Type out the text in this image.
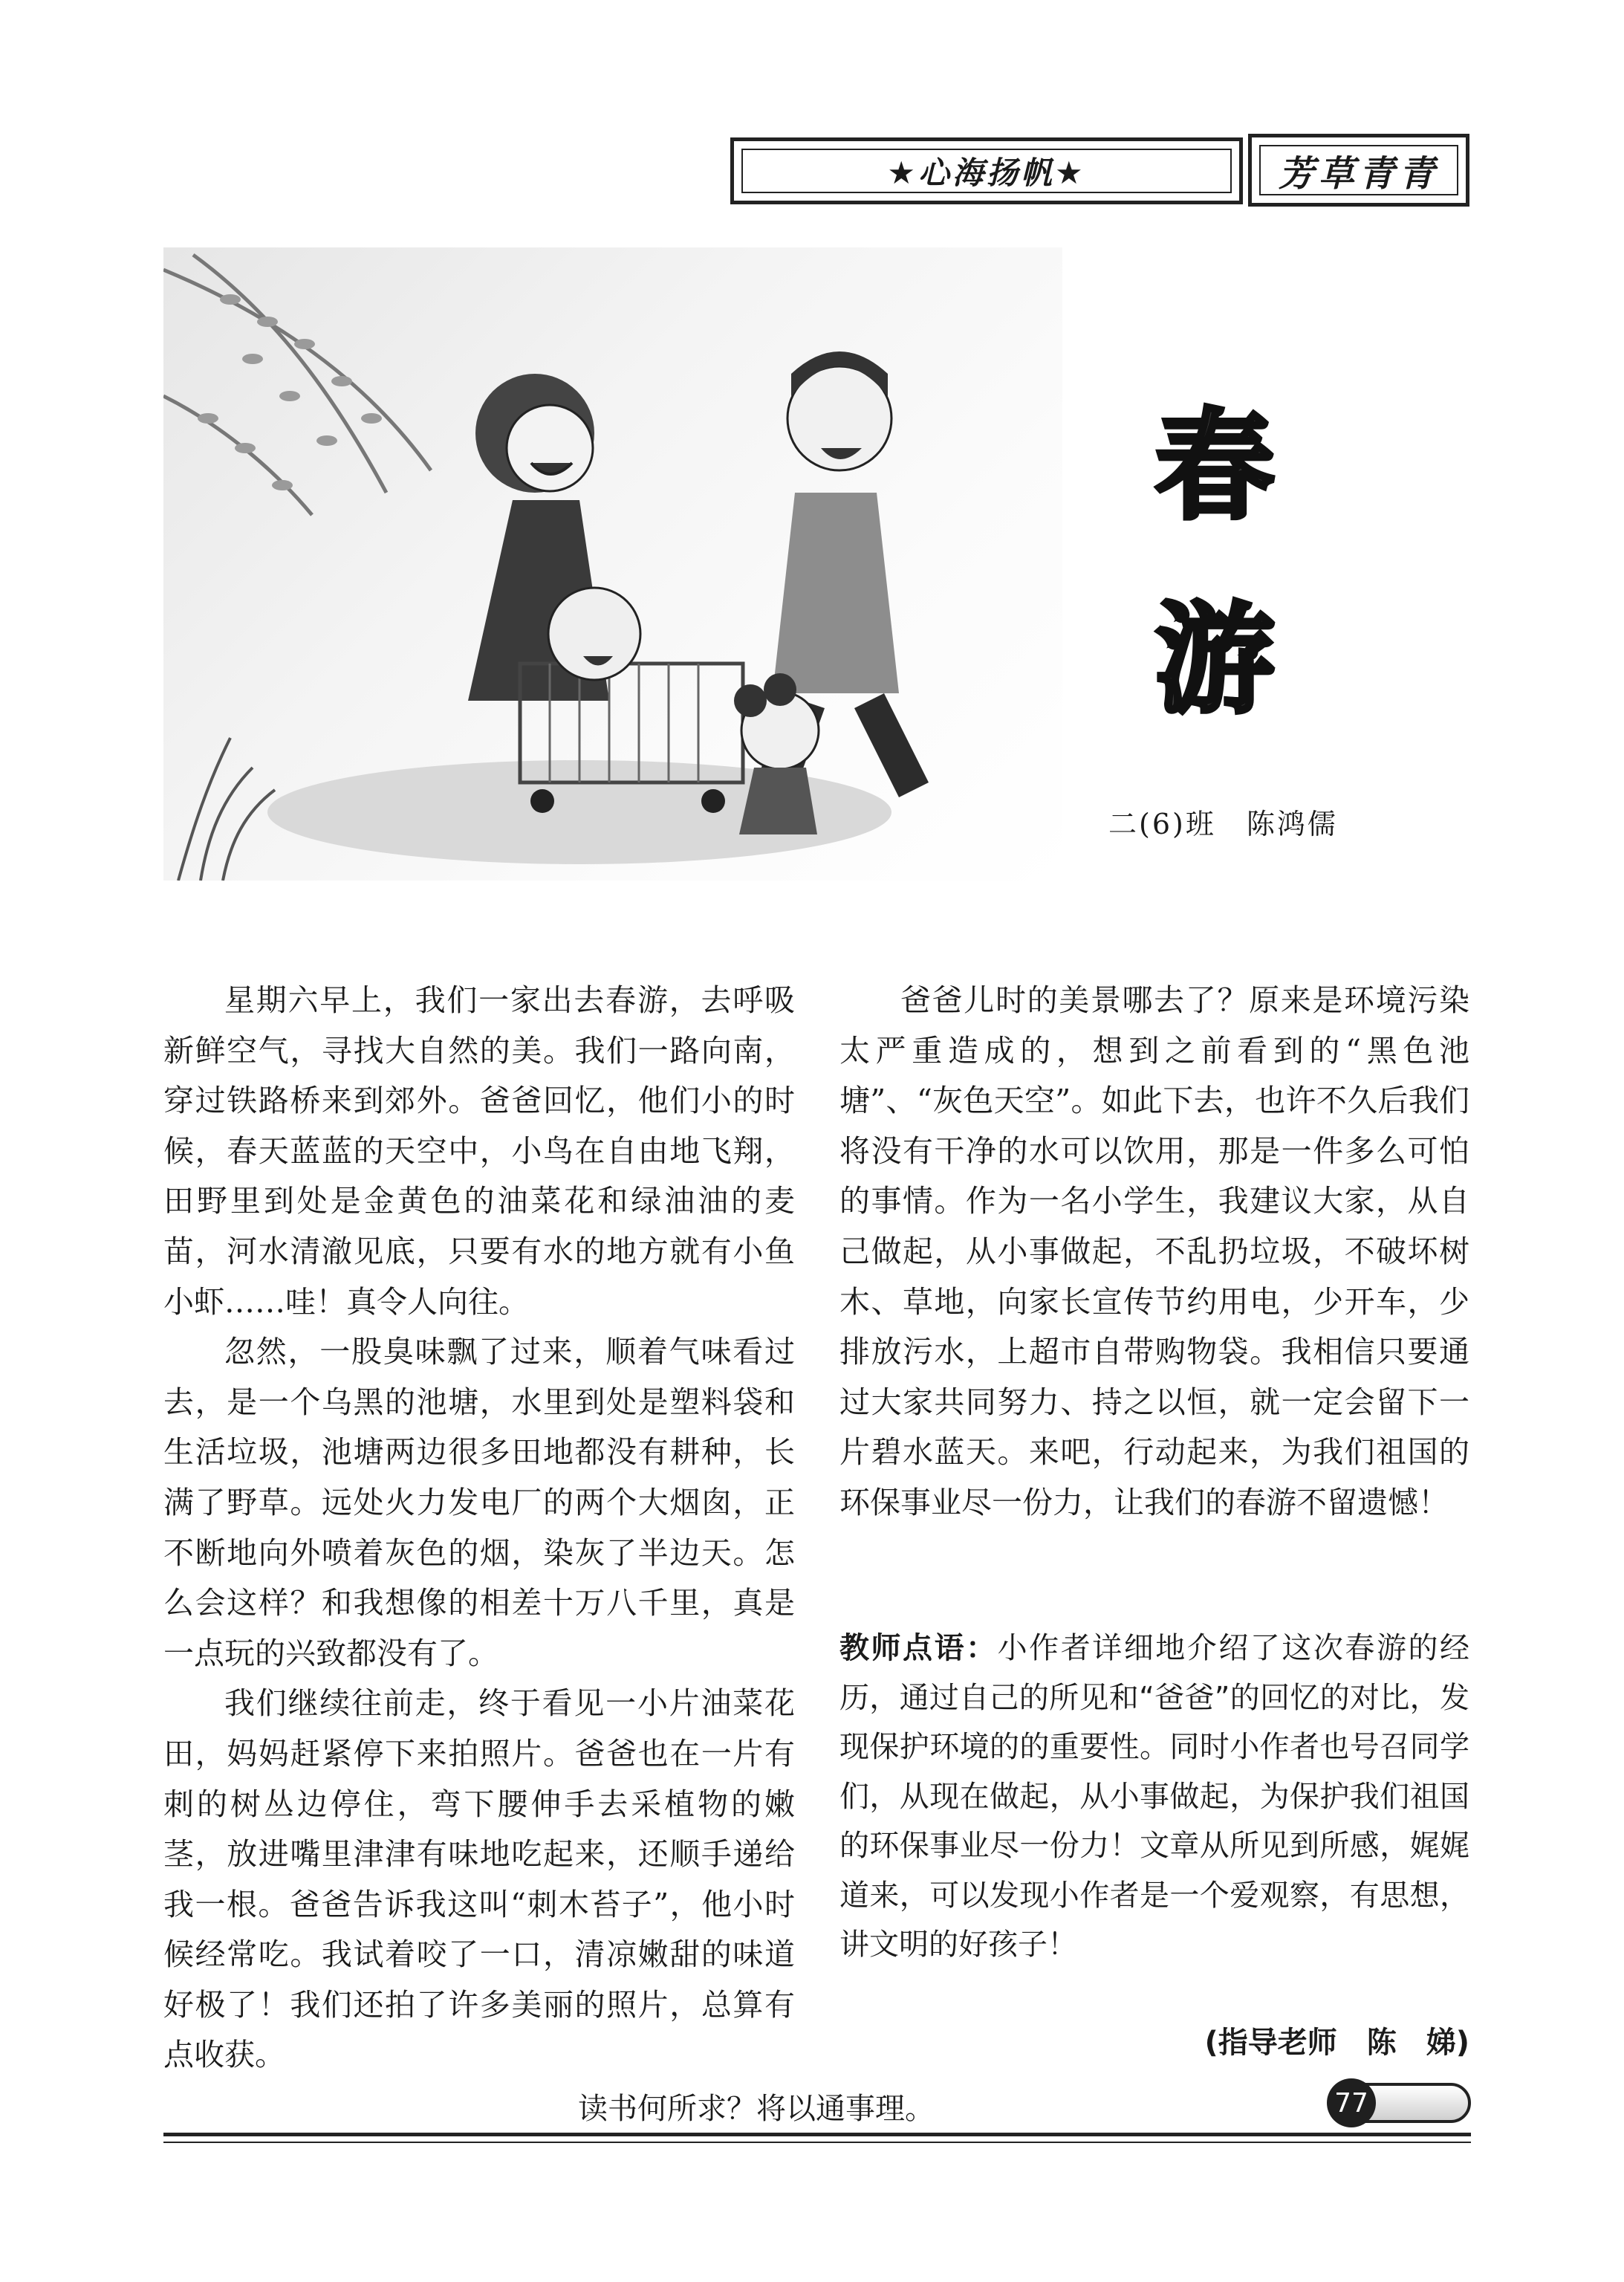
★心海扬帆★	芳草青青
春
游
二(6)班　陈鸿儒

星期六早上，我们一家出去春游，去呼吸新鲜空气，寻找大自然的美。我们一路向南，穿过铁路桥来到郊外。爸爸回忆，他们小的时候，春天蓝蓝的天空中，小鸟在自由地飞翔，田野里到处是金黄色的油菜花和绿油油的麦苗，河水清澈见底，只要有水的地方就有小鱼小虾……哇！真令人向往。

忽然，一股臭味飘了过来，顺着气味看过去，是一个乌黑的池塘，水里到处是塑料袋和生活垃圾，池塘两边很多田地都没有耕种，长满了野草。远处火力发电厂的两个大烟囱，正不断地向外喷着灰色的烟，染灰了半边天。怎么会这样？和我想像的相差十万八千里，真是一点玩的兴致都没有了。

我们继续往前走，终于看见一小片油菜花田，妈妈赶紧停下来拍照片。爸爸也在一片有刺的树丛边停住，弯下腰伸手去采植物的嫩茎，放进嘴里津津有味地吃起来，还顺手递给我一根。爸爸告诉我这叫“刺木苔子”，他小时候经常吃。我试着咬了一口，清凉嫩甜的味道好极了！我们还拍了许多美丽的照片，总算有点收获。

爸爸儿时的美景哪去了？原来是环境污染太严重造成的，想到之前看到的“黑色池塘”、“灰色天空”。如此下去，也许不久后我们将没有干净的水可以饮用，那是一件多么可怕的事情。作为一名小学生，我建议大家，从自己做起，从小事做起，不乱扔垃圾，不破坏树木、草地，向家长宣传节约用电，少开车，少排放污水，上超市自带购物袋。我相信只要通过大家共同努力、持之以恒，就一定会留下一片碧水蓝天。来吧，行动起来，为我们祖国的环保事业尽一份力，让我们的春游不留遗憾！

教师点语：小作者详细地介绍了这次春游的经历，通过自己的所见和“爸爸”的回忆的对比，发现保护环境的的重要性。同时小作者也号召同学们，从现在做起，从小事做起，为保护我们祖国的环保事业尽一份力！文章从所见到所感，娓娓道来，可以发现小作者是一个爱观察，有思想，讲文明的好孩子！
(指导老师　陈　娣)
读书何所求？将以通事理。	77
